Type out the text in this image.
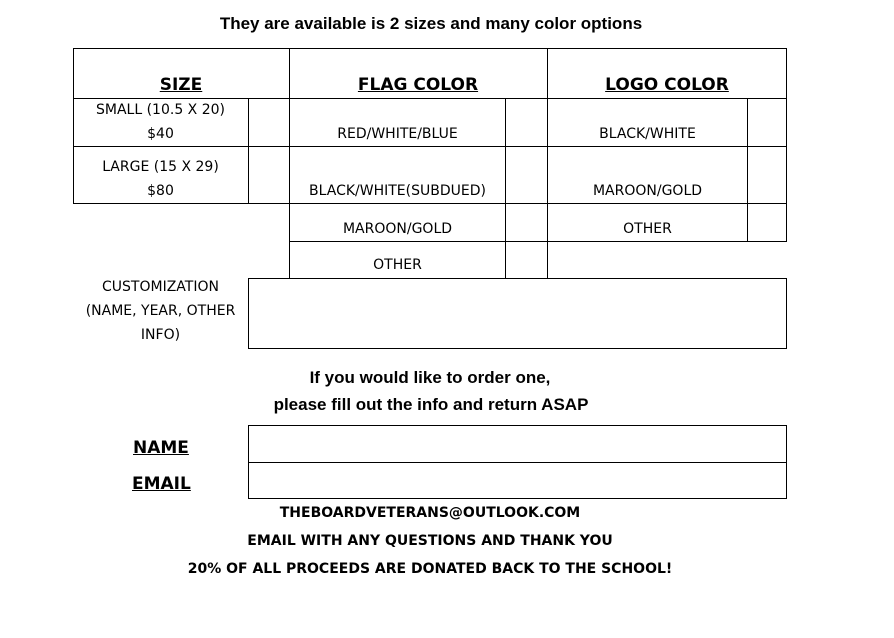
They are available is 2 sizes and many color options
SIZE	FLAG COLOR	LOGO COLOR
SMALL (10.5 X 20)
$40
LARGE (15 X 29)
$80
RED/WHITE/BLUE
BLACK/WHITE(SUBDUED)
MAROON/GOLD
OTHER
BLACK/WHITE
MAROON/GOLD
OTHER
CUSTOMIZATION
(NAME, YEAR, OTHER
INFO)
If you would like to order one,
please fill out the info and return ASAP
NAME
EMAIL
THEBOARDVETERANS@OUTLOOK.COM
EMAIL WITH ANY QUESTIONS AND THANK YOU
20% OF ALL PROCEEDS ARE DONATED BACK TO THE SCHOOL!
